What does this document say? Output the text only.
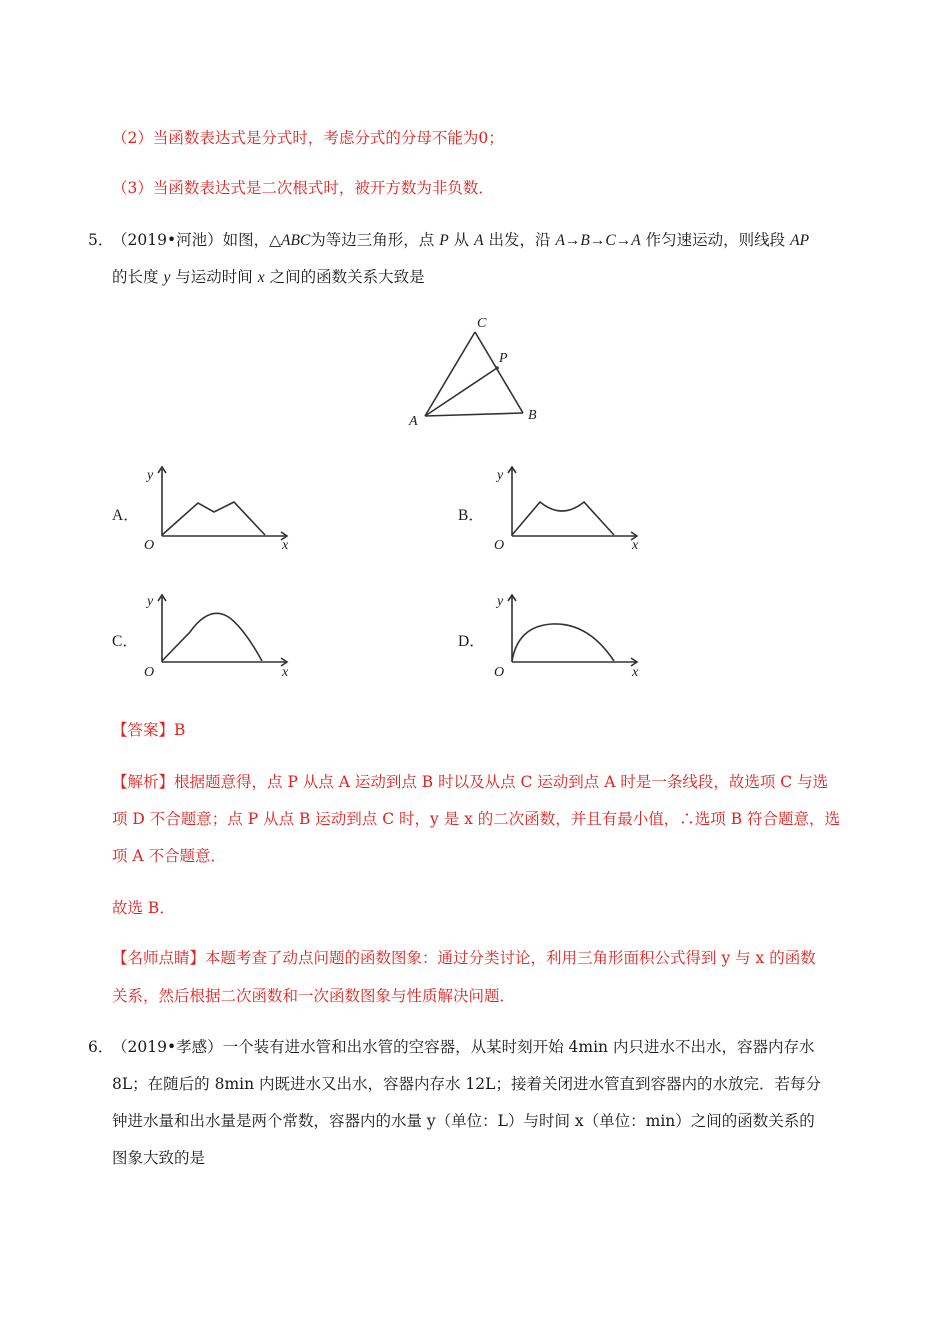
（2）当函数表达式是分式时，考虑分式的分母不能为0；
（3）当函数表达式是二次根式时，被开方数为非负数．
5．
（2019•河池）如图，△ABC为等边三角形，点 P 从 A 出发，沿 A→B→C→A 作匀速运动，则线段 AP
的长度 y 与运动时间 x 之间的函数关系大致是
C
P
A	B
A．
y
O	x
B．
y
O	x
C．
y
O	x
D．
y
O	x
【答案】B
【解析】根据题意得，点 P 从点 A 运动到点 B 时以及从点 C 运动到点 A 时是一条线段，故选项 C 与选
项 D 不合题意；点 P 从点 B 运动到点 C 时，y 是 x 的二次函数，并且有最小值，∴选项 B 符合题意，选
项 A 不合题意．
故选 B．
【名师点睛】本题考查了动点问题的函数图象：通过分类讨论，利用三角形面积公式得到 y 与 x 的函数
关系，然后根据二次函数和一次函数图象与性质解决问题．
6．
（2019•孝感）一个装有进水管和出水管的空容器，从某时刻开始 4min 内只进水不出水，容器内存水
8L；在随后的 8min 内既进水又出水，容器内存水 12L；接着关闭进水管直到容器内的水放完．若每分
钟进水量和出水量是两个常数，容器内的水量 y（单位：L）与时间 x（单位：min）之间的函数关系的
图象大致的是
